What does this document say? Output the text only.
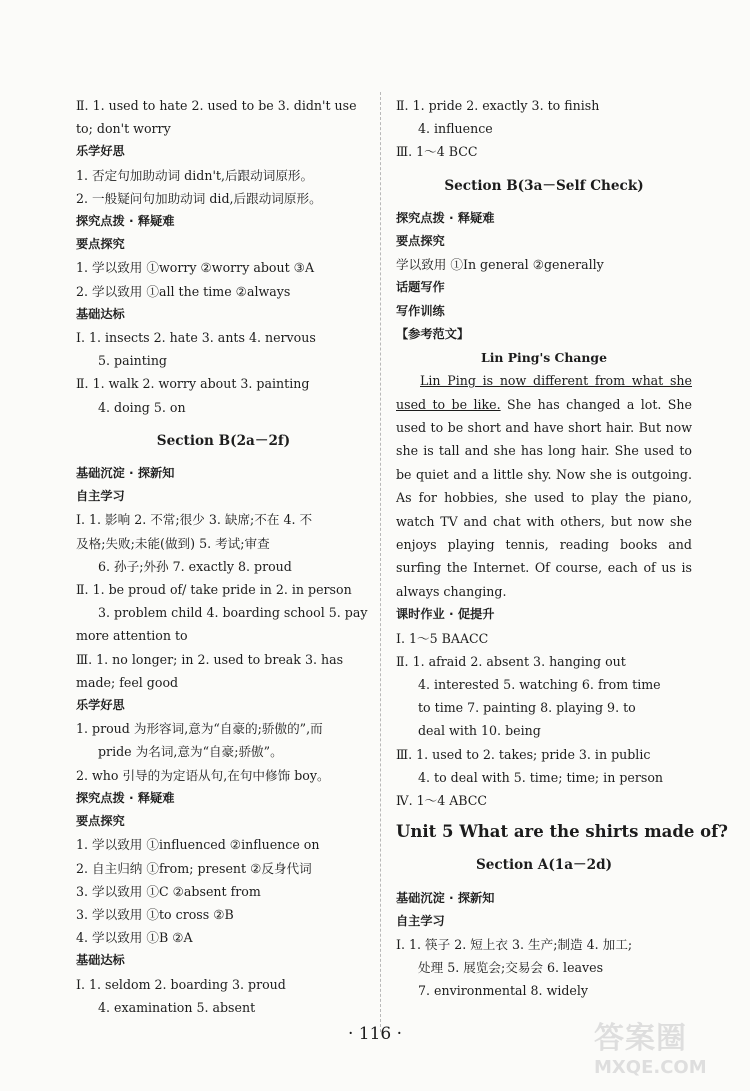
Ⅱ. 1. used to hate 2. used to be 3. didn't use
to; don't worry
乐学好思
1. 否定句加助动词 didn't,后跟动词原形。
2. 一般疑问句加助动词 did,后跟动词原形。
探究点拨 · 释疑难
要点探究
1. 学以致用 ①worry ②worry about ③A
2. 学以致用 ①all the time ②always
基础达标
Ⅰ. 1. insects 2. hate 3. ants 4. nervous
5. painting
Ⅱ. 1. walk 2. worry about 3. painting
4. doing 5. on
Section B(2a－2f)
基础沉淀 · 探新知
自主学习
Ⅰ. 1. 影响 2. 不常;很少 3. 缺席;不在 4. 不
及格;失败;未能(做到) 5. 考试;审查
6. 孙子;外孙 7. exactly 8. proud
Ⅱ. 1. be proud of/ take pride in 2. in person
3. problem child 4. boarding school 5. pay
more attention to
Ⅲ. 1. no longer; in 2. used to break 3. has
made; feel good
乐学好思
1. proud 为形容词,意为“自豪的;骄傲的”,而
pride 为名词,意为“自豪;骄傲”。
2. who 引导的为定语从句,在句中修饰 boy。
探究点拨 · 释疑难
要点探究
1. 学以致用 ①influenced ②influence on
2. 自主归纳 ①from; present ②反身代词
3. 学以致用 ①C ②absent from
3. 学以致用 ①to cross ②B
4. 学以致用 ①B ②A
基础达标
Ⅰ. 1. seldom 2. boarding 3. proud
4. examination 5. absent
Ⅱ. 1. pride 2. exactly 3. to finish
4. influence
Ⅲ. 1～4 BCC
Section B(3a－Self Check)
探究点拨 · 释疑难
要点探究
学以致用 ①In general ②generally
话题写作
写作训练
【参考范文】
Lin Ping's Change
Lin Ping is now different from what she used to be like. She has changed a lot. She used to be short and have short hair. But now she is tall and she has long hair. She used to be quiet and a little shy. Now she is outgoing. As for hobbies, she used to play the piano, watch TV and chat with others, but now she enjoys playing tennis, reading books and surfing the Internet. Of course, each of us is always changing.
课时作业 · 促提升
Ⅰ. 1～5 BAACC
Ⅱ. 1. afraid 2. absent 3. hanging out
4. interested 5. watching 6. from time
to time 7. painting 8. playing 9. to
deal with 10. being
Ⅲ. 1. used to 2. takes; pride 3. in public
4. to deal with 5. time; time; in person
Ⅳ. 1～4 ABCC
Unit 5 What are the shirts made of?
Section A(1a－2d)
基础沉淀 · 探新知
自主学习
Ⅰ. 1. 筷子 2. 短上衣 3. 生产;制造 4. 加工;
处理 5. 展览会;交易会 6. leaves
7. environmental 8. widely
· 116 ·	答案圈
MXQE.COM
